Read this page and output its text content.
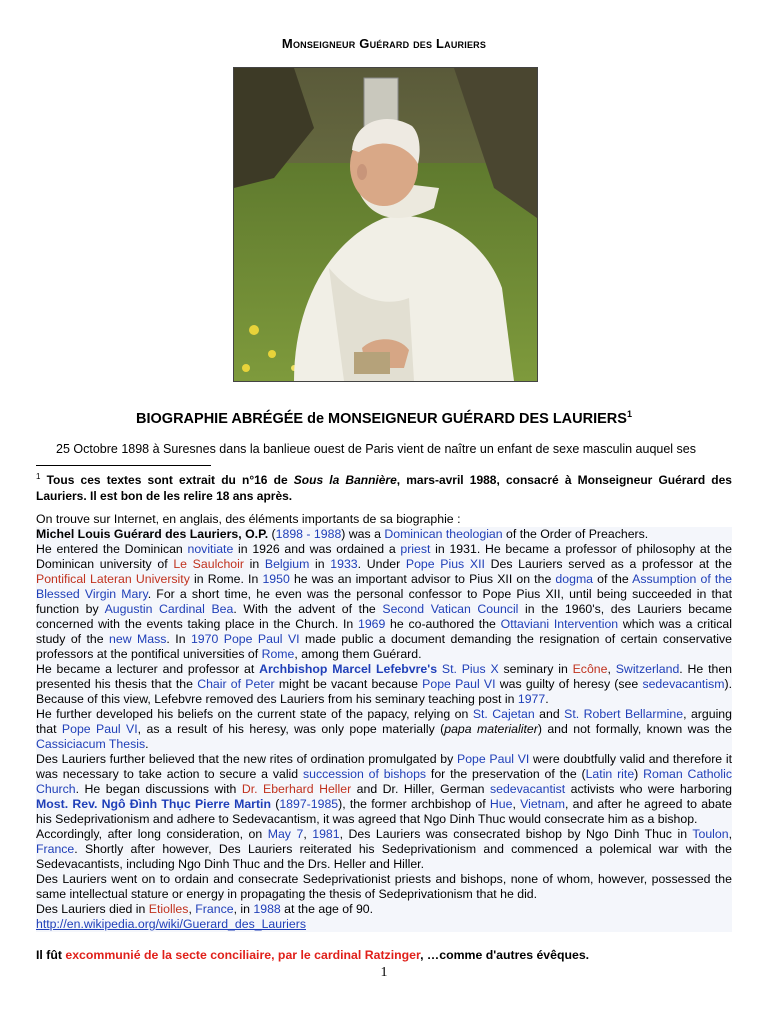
Monseigneur Guérard des Lauriers
BIOGRAPHIE ABRÉGÉE de MONSEIGNEUR GUÉRARD DES LAURIERS$^1$
25 Octobre 1898 à Suresnes dans la banlieue ouest de Paris vient de naître un enfant de sexe masculin auquel ses
$^1$ Tous ces textes sont extrait du n°16 de Sous la Bannière, mars-avril 1988, consacré à Monseigneur Guérard des Lauriers. Il est bon de les relire 18 ans après.

On trouve sur Internet, en anglais, des éléments importants de sa biographie :

Michel Louis Guérard des Lauriers, O.P. (1898 - 1988) was a Dominican theologian of the Order of Preachers.

He entered the Dominican novitiate in 1926 and was ordained a priest in 1931. He became a professor of philosophy at the Dominican university of Le Saulchoir in Belgium in 1933. Under Pope Pius XII Des Lauriers served as a professor at the Pontifical Lateran University in Rome. In 1950 he was an important advisor to Pius XII on the dogma of the Assumption of the Blessed Virgin Mary. For a short time, he even was the personal confessor to Pope Pius XII, until being succeeded in that function by Augustin Cardinal Bea. With the advent of the Second Vatican Council in the 1960's, des Lauriers became concerned with the events taking place in the Church. In 1969 he co-authored the Ottaviani Intervention which was a critical study of the new Mass. In 1970 Pope Paul VI made public a document demanding the resignation of certain conservative professors at the pontifical universities of Rome, among them Guérard.

He became a lecturer and professor at Archbishop Marcel Lefebvre's St. Pius X seminary in Ecône, Switzerland. He then presented his thesis that the Chair of Peter might be vacant because Pope Paul VI was guilty of heresy (see sedevacantism). Because of this view, Lefebvre removed des Lauriers from his seminary teaching post in 1977.

He further developed his beliefs on the current state of the papacy, relying on St. Cajetan and St. Robert Bellarmine, arguing that Pope Paul VI, as a result of his heresy, was only pope materially (papa materialiter) and not formally, known was the Cassiciacum Thesis.

Des Lauriers further believed that the new rites of ordination promulgated by Pope Paul VI were doubtfully valid and therefore it was necessary to take action to secure a valid succession of bishops for the preservation of the (Latin rite) Roman Catholic Church. He began discussions with Dr. Eberhard Heller and Dr. Hiller, German sedevacantist activists who were harboring Most. Rev. Ngô Đình Thục Pierre Martin (1897-1985), the former archbishop of Hue, Vietnam, and after he agreed to abate his Sedeprivationism and adhere to Sedevacantism, it was agreed that Ngo Dinh Thuc would consecrate him as a bishop.

Accordingly, after long consideration, on May 7, 1981, Des Lauriers was consecrated bishop by Ngo Dinh Thuc in Toulon, France. Shortly after however, Des Lauriers reiterated his Sedeprivationism and commenced a polemical war with the Sedevacantists, including Ngo Dinh Thuc and the Drs. Heller and Hiller.

Des Lauriers went on to ordain and consecrate Sedeprivationist priests and bishops, none of whom, however, possessed the same intellectual stature or energy in propagating the thesis of Sedeprivationism that he did.

Des Lauriers died in Etiolles, France, in 1988 at the age of 90.

http://en.wikipedia.org/wiki/Guerard_des_Lauriers

Il fût excommunié de la secte conciliaire, par le cardinal Ratzinger, …comme d'autres évêques.
1
